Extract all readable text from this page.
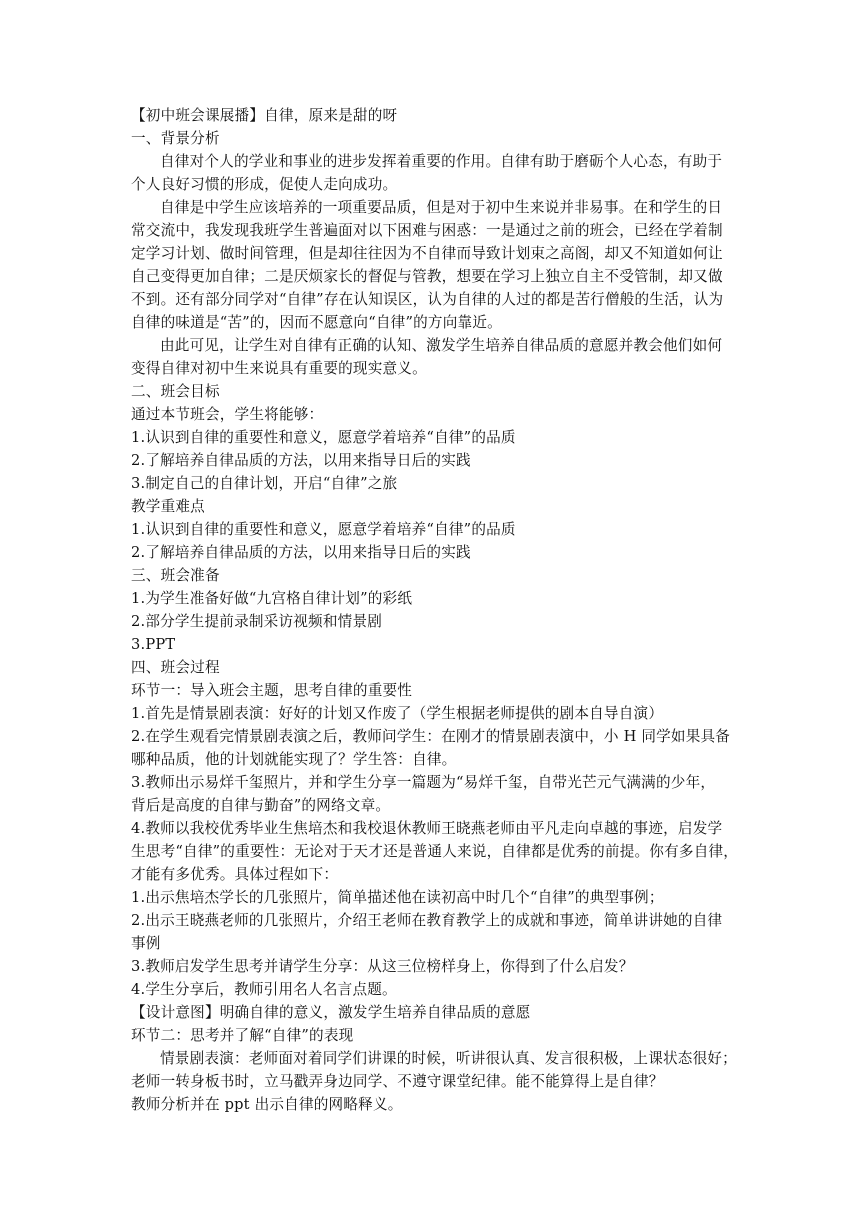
【初中班会课展播】自律，原来是甜的呀
一、背景分析
自律对个人的学业和事业的进步发挥着重要的作用。自律有助于磨砺个人心态，有助于
个人良好习惯的形成，促使人走向成功。
自律是中学生应该培养的一项重要品质，但是对于初中生来说并非易事。在和学生的日
常交流中，我发现我班学生普遍面对以下困难与困惑：一是通过之前的班会，已经在学着制
定学习计划、做时间管理，但是却往往因为不自律而导致计划束之高阁，却又不知道如何让
自己变得更加自律；二是厌烦家长的督促与管教，想要在学习上独立自主不受管制，却又做
不到。还有部分同学对“自律”存在认知误区，认为自律的人过的都是苦行僧般的生活，认为
自律的味道是“苦”的，因而不愿意向“自律”的方向靠近。
由此可见，让学生对自律有正确的认知、激发学生培养自律品质的意愿并教会他们如何
变得自律对初中生来说具有重要的现实意义。
二、班会目标
通过本节班会，学生将能够：
1.认识到自律的重要性和意义，愿意学着培养“自律”的品质
2.了解培养自律品质的方法，以用来指导日后的实践
3.制定自己的自律计划，开启“自律”之旅
教学重难点
1.认识到自律的重要性和意义，愿意学着培养“自律”的品质
2.了解培养自律品质的方法，以用来指导日后的实践
三、班会准备
1.为学生准备好做“九宫格自律计划”的彩纸
2.部分学生提前录制采访视频和情景剧
3.PPT
四、班会过程
环节一：导入班会主题，思考自律的重要性
1.首先是情景剧表演：好好的计划又作废了（学生根据老师提供的剧本自导自演）
2.在学生观看完情景剧表演之后，教师问学生：在刚才的情景剧表演中，小 H 同学如果具备
哪种品质，他的计划就能实现了？学生答：自律。
3.教师出示易烊千玺照片，并和学生分享一篇题为“易烊千玺，自带光芒元气满满的少年，
背后是高度的自律与勤奋”的网络文章。
4.教师以我校优秀毕业生焦培杰和我校退休教师王晓燕老师由平凡走向卓越的事迹，启发学
生思考“自律”的重要性：无论对于天才还是普通人来说，自律都是优秀的前提。你有多自律，
才能有多优秀。具体过程如下：
1.出示焦培杰学长的几张照片，简单描述他在读初高中时几个“自律”的典型事例；
2.出示王晓燕老师的几张照片，介绍王老师在教育教学上的成就和事迹，简单讲讲她的自律
事例
3.教师启发学生思考并请学生分享：从这三位榜样身上，你得到了什么启发？
4.学生分享后，教师引用名人名言点题。
【设计意图】明确自律的意义，激发学生培养自律品质的意愿
环节二：思考并了解“自律”的表现
情景剧表演：老师面对着同学们讲课的时候，听讲很认真、发言很积极，上课状态很好；
老师一转身板书时，立马戳弄身边同学、不遵守课堂纪律。能不能算得上是自律？
教师分析并在 ppt 出示自律的网略释义。
